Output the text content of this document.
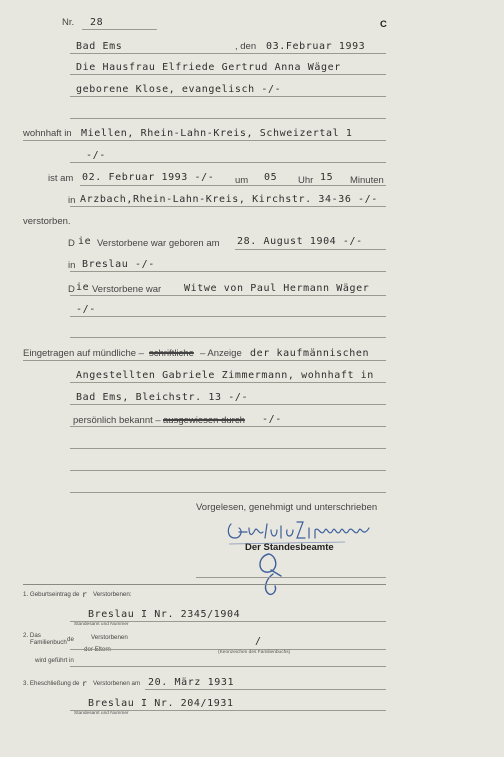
Nr. 28	C
Bad Ems	, den 03.Februar 1993
Die Hausfrau Elfriede Gertrud Anna Wäger
geborene Klose, evangelisch -/-
wohnhaft in Miellen, Rhein-Lahn-Kreis, Schweizertal 1
-/-
ist am 02. Februar 1993 -/- um 05 Uhr 15 Minuten
in Arzbach,Rhein-Lahn-Kreis, Kirchstr. 34-36 -/-
verstorben.
D ie Verstorbene war geboren am 28. August 1904 -/-
in Breslau -/-
D ie Verstorbene war Witwe von Paul Hermann Wäger
-/-
Eingetragen auf mündliche – schriftliche – Anzeige der kaufmännischen
Angestellten Gabriele Zimmermann, wohnhaft in
Bad Ems, Bleichstr. 13 -/-
persönlich bekannt – ausgewiesen durch -/-
Vorgelesen, genehmigt und unterschrieben
Der Standesbeamte
1. Geburtseintrag de r Verstorbenen:
Breslau I Nr. 2345/1904
Standesamt und Nummer
2. Das
Familienbuch de	Verstorbenen
der Eltern
/
(Kennzeichen des Familienbuchs)
wird geführt in
3. Eheschließung de r Verstorbenen am 20. März 1931
Breslau I Nr. 204/1931
Standesamt und Nummer
